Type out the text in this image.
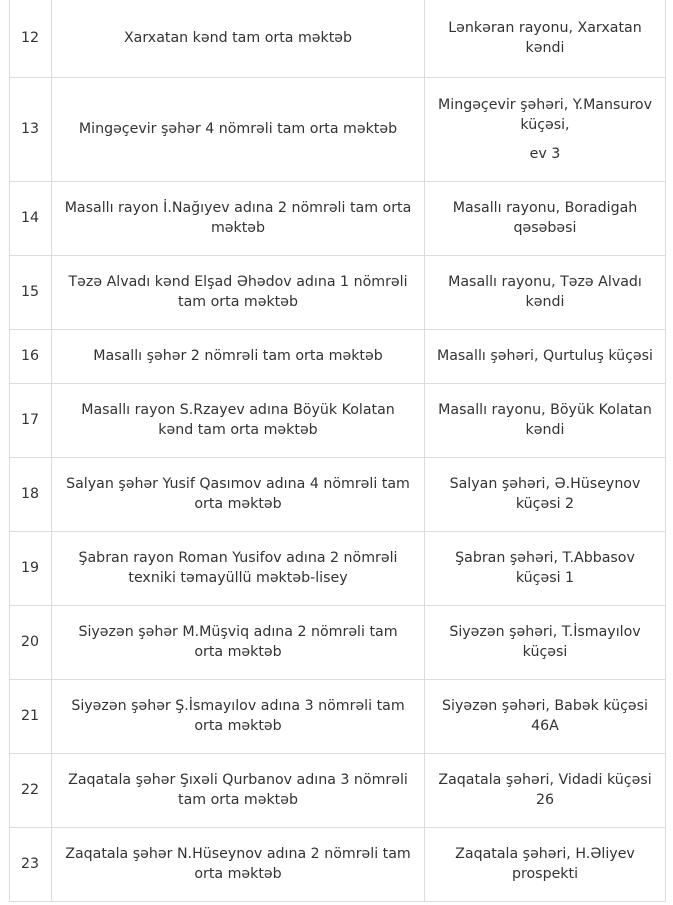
12	Xarxatan kənd tam orta məktəb	Lənkəran rayonu, Xarxatan kəndi
13	Mingəçevir şəhər 4 nömrəli tam orta məktəb	Mingəçevir şəhəri, Y.Mansurov küçəsi,
ev 3

14	Masallı rayon İ.Nağıyev adına 2 nömrəli tam orta məktəb	Masallı rayonu, Boradigah qəsəbəsi
15	Təzə Alvadı kənd Elşad Əhədov adına 1 nömrəli tam orta məktəb	Masallı rayonu, Təzə Alvadı kəndi
16	Masallı şəhər 2 nömrəli tam orta məktəb	Masallı şəhəri, Qurtuluş küçəsi
17	Masallı rayon S.Rzayev adına Böyük Kolatan kənd tam orta məktəb	Masallı rayonu, Böyük Kolatan kəndi
18	Salyan şəhər Yusif Qasımov adına 4 nömrəli tam orta məktəb	Salyan şəhəri, Ə.Hüseynov küçəsi 2
19	Şabran rayon Roman Yusifov adına 2 nömrəli texniki təmayüllü məktəb-lisey	Şabran şəhəri, T.Abbasov küçəsi 1
20	Siyəzən şəhər M.Müşviq adına 2 nömrəli tam orta məktəb	Siyəzən şəhəri, T.İsmayılov küçəsi
21	Siyəzən şəhər Ş.İsmayılov adına 3 nömrəli tam orta məktəb	Siyəzən şəhəri, Babək küçəsi 46A
22	Zaqatala şəhər Şıxəli Qurbanov adına 3 nömrəli tam orta məktəb	Zaqatala şəhəri, Vidadi küçəsi 26
23	Zaqatala şəhər N.Hüseynov adına 2 nömrəli tam orta məktəb	Zaqatala şəhəri, H.Əliyev prospekti
